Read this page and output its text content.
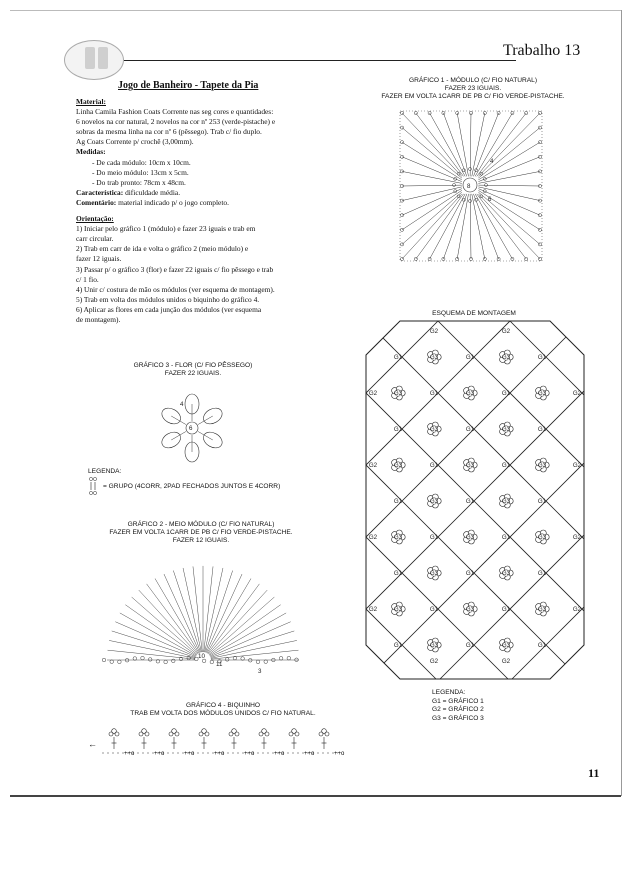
Trabalho 13
11
Jogo de Banheiro - Tapete da Pia
Material:
Linha Camila Fashion Coats Corrente nas seg cores e quantidades:
6 novelos na cor natural, 2 novelos na cor nº 253 (verde-pistache) e
sobras da mesma linha na cor nº 6 (pêssego). Trab c/ fio duplo.
Ag Coats Corrente p/ crochê (3,00mm).
Medidas:
- De cada módulo: 10cm x 10cm.
- Do meio módulo: 13cm x 5cm.
- Do trab pronto: 78cm x 48cm.
Característica: dificuldade média.
Comentário: material indicado p/ o jogo completo.
Orientação:
1) Iniciar pelo gráfico 1 (módulo) e fazer 23 iguais e trab em
carr circular.
2) Trab em carr de ida e volta o gráfico 2 (meio módulo) e
fazer 12 iguais.
3) Passar p/ o gráfico 3 (flor) e fazer 22 iguais c/ fio pêssego e trab
c/ 1 fio.
4) Unir c/ costura de mão os módulos (ver esquema de montagem).
5) Trab em volta dos módulos unidos o biquinho do gráfico 4.
6) Aplicar as flores em cada junção dos módulos (ver esquema
de montagem).
GRÁFICO 1 - MÓDULO (C/ FIO NATURAL)
FAZER 23 IGUAIS.
FAZER EM VOLTA 1CARR DE PB C/ FIO VERDE-PISTACHE.
4
8
6
GRÁFICO 3 - FLOR (C/ FIO PÊSSEGO)
FAZER 22 IGUAIS.
6
4
LEGENDA:
= GRUPO (4CORR, 2PAD FECHADOS JUNTOS E 4CORR)
GRÁFICO 2 - MEIO MÓDULO (C/ FIO NATURAL)
FAZER EM VOLTA 1CARR DE PB C/ FIO VERDE-PISTACHE.
FAZER 12 IGUAIS.
10
11
3
GRÁFICO 4 - BIQUINHO
TRAB EM VOLTA DOS MÓDULOS UNIDOS C/ FIO NATURAL.
←
++o	++o	++o	++o	++o	++o	++o	++o
ESQUEMA DE MONTAGEM
G3	G3
G3	G3	G3
G3	G3
G3	G3	G3
G3	G3
G3	G3	G3
G3	G3
G3	G3	G3
G3	G3
G1	G1	G1
G1	G1
G1	G1	G1
G1	G1
G1	G1	G1
G1	G1
G1	G1	G1
G1	G1
G1	G1	G1
G2
G2
G2
G2
G2	G2
G2	G2
G2	G2
G2	G2
LEGENDA:
G1 = GRÁFICO 1
G2 = GRÁFICO 2
G3 = GRÁFICO 3
